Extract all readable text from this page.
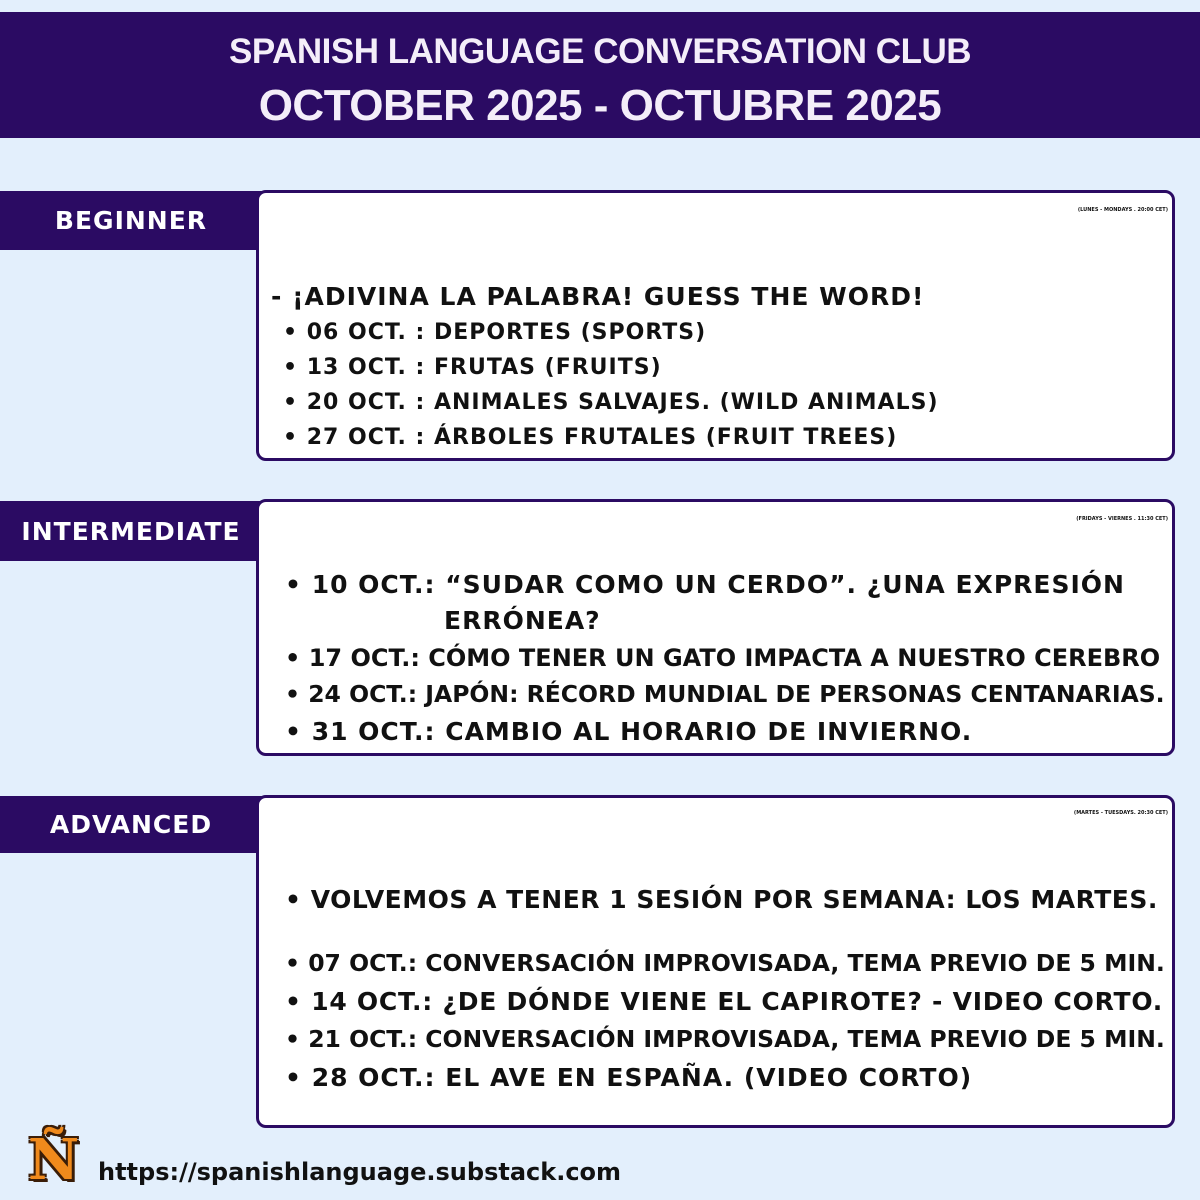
SPANISH LANGUAGE CONVERSATION CLUB
OCTOBER 2025 - OCTUBRE 2025
BEGINNER	(LUNES - MONDAYS . 20:00 CET)
- ¡ADIVINA LA PALABRA! GUESS THE WORD!
• 06 OCT. : DEPORTES (SPORTS)
• 13 OCT. : FRUTAS (FRUITS)
• 20 OCT. : ANIMALES SALVAJES. (WILD ANIMALS)
• 27 OCT. : ÁRBOLES FRUTALES (FRUIT TREES)
INTERMEDIATE	(FRIDAYS - VIERNES . 11:30 CET)
• 10 OCT.: “SUDAR COMO UN CERDO”. ¿UNA EXPRESIÓN
ERRÓNEA?
• 17 OCT.: CÓMO TENER UN GATO IMPACTA A NUESTRO CEREBRO
• 24 OCT.: JAPÓN: RÉCORD MUNDIAL DE PERSONAS CENTANARIAS.
• 31 OCT.: CAMBIO AL HORARIO DE INVIERNO.
ADVANCED	(MARTES - TUESDAYS. 20:30 CET)
• VOLVEMOS A TENER 1 SESIÓN POR SEMANA: LOS MARTES.
• 07 OCT.: CONVERSACIÓN IMPROVISADA, TEMA PREVIO DE 5 MIN.
• 14 OCT.: ¿DE DÓNDE VIENE EL CAPIROTE? - VIDEO CORTO.
• 21 OCT.: CONVERSACIÓN IMPROVISADA, TEMA PREVIO DE 5 MIN.
• 28 OCT.: EL AVE EN ESPAÑA. (VIDEO CORTO)
Ñ https://spanishlanguage.substack.com
